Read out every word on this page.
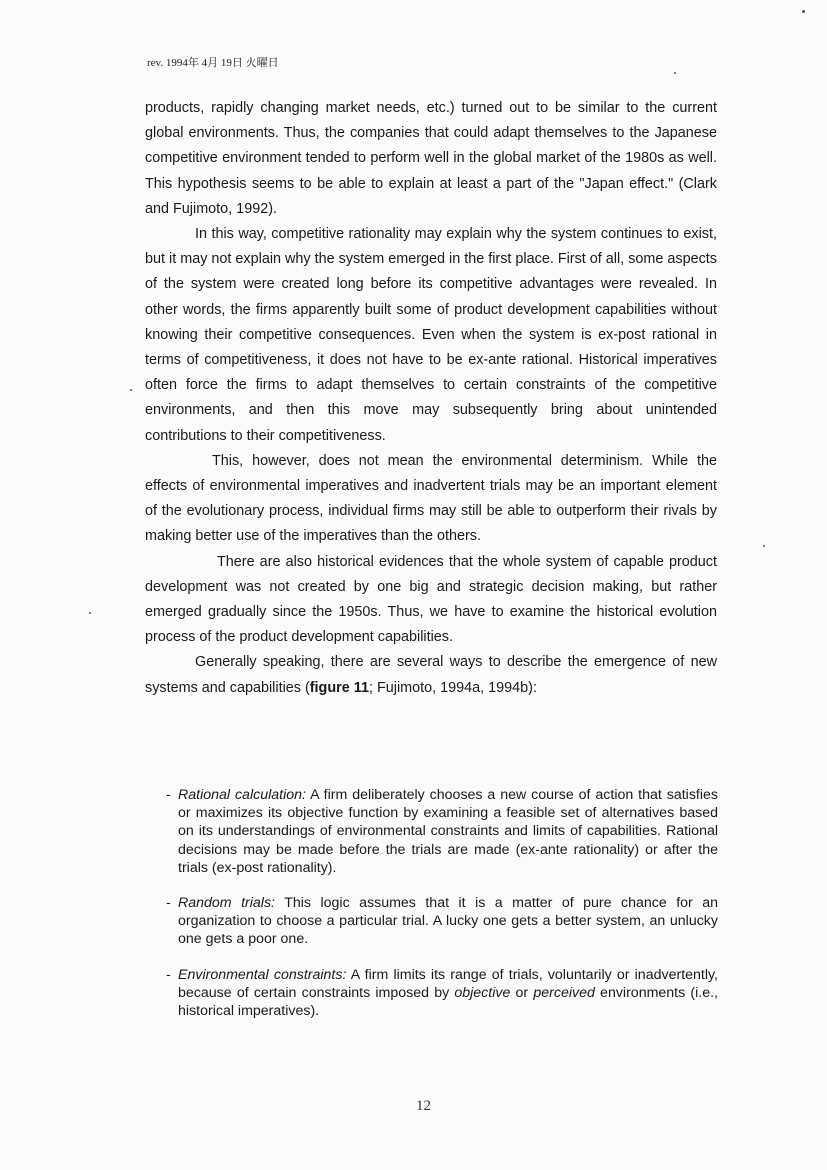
rev. 1994年 4月 19日 火曜日

products, rapidly changing market needs, etc.) turned out to be similar to the current global environments. Thus, the companies that could adapt themselves to the Japanese competitive environment tended to perform well in the global market of the 1980s as well. This hypothesis seems to be able to explain at least a part of the "Japan effect." (Clark and Fujimoto, 1992).

In this way, competitive rationality may explain why the system continues to exist, but it may not explain why the system emerged in the first place. First of all, some aspects of the system were created long before its competitive advantages were revealed. In other words, the firms apparently built some of product development capabilities without knowing their competitive consequences. Even when the system is ex-post rational in terms of competitiveness, it does not have to be ex-ante rational. Historical imperatives often force the firms to adapt themselves to certain constraints of the competitive environments, and then this move may subsequently bring about unintended contributions to their competitiveness.

This, however, does not mean the environmental determinism. While the effects of environmental imperatives and inadvertent trials may be an important element of the evolutionary process, individual firms may still be able to outperform their rivals by making better use of the imperatives than the others.

There are also historical evidences that the whole system of capable product development was not created by one big and strategic decision making, but rather emerged gradually since the 1950s. Thus, we have to examine the historical evolution process of the product development capabilities.

Generally speaking, there are several ways to describe the emergence of new systems and capabilities (figure 11; Fujimoto, 1994a, 1994b):

- Rational calculation: A firm deliberately chooses a new course of action that satisfies or maximizes its objective function by examining a feasible set of alternatives based on its understandings of environmental constraints and limits of capabilities. Rational decisions may be made before the trials are made (ex-ante rationality) or after the trials (ex-post rationality).
- Random trials: This logic assumes that it is a matter of pure chance for an organization to choose a particular trial. A lucky one gets a better system, an unlucky one gets a poor one.
- Environmental constraints: A firm limits its range of trials, voluntarily or inadvertently, because of certain constraints imposed by objective or perceived environments (i.e., historical imperatives).
12
